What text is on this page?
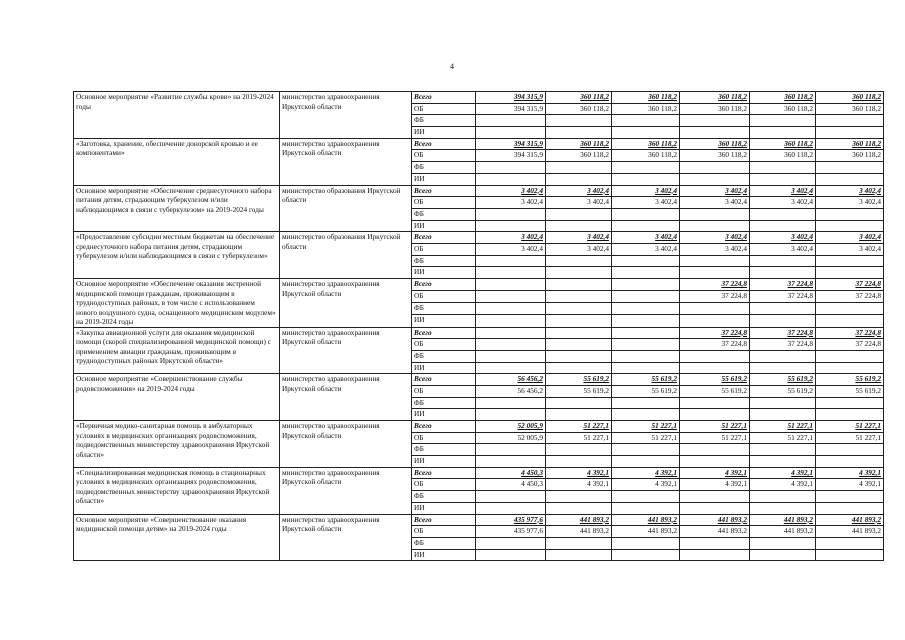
4
Основное мероприятие «Развитие службы крови» на 2019-2024 годы	министерство здравоохранения Иркутской области	Всего	394 315,9	360 118,2	360 118,2	360 118,2	360 118,2	360 118,2
		ОБ	394 315,9	360 118,2	360 118,2	360 118,2	360 118,2	360 118,2
		ФБ						
		ИИ						
«Заготовка, хранение, обеспечение донорской кровью и ее компонентами»	министерство здравоохранения Иркутской области	Всего	394 315,9	360 118,2	360 118,2	360 118,2	360 118,2	360 118,2
		ОБ	394 315,9	360 118,2	360 118,2	360 118,2	360 118,2	360 118,2
		ФБ						
		ИИ						
Основное мероприятие «Обеспечение среднесуточного набора питания детям, страдающим туберкулезом и/или наблюдающимся в связи с туберкулезом» на 2019-2024 годы	министерство образования Иркутской области	Всего	3 402,4	3 402,4	3 402,4	3 402,4	3 402,4	3 402,4
		ОБ	3 402,4	3 402,4	3 402,4	3 402,4	3 402,4	3 402,4
		ФБ						
		ИИ						
«Предоставление субсидии местным бюджетам на обеспечение среднесуточного набора питания детям, страдающим туберкулезом и/или наблюдающимся в связи с туберкулезом»	министерство образования Иркутской области	Всего	3 402,4	3 402,4	3 402,4	3 402,4	3 402,4	3 402,4
		ОБ	3 402,4	3 402,4	3 402,4	3 402,4	3 402,4	3 402,4
		ФБ						
		ИИ						
Основное мероприятие «Обеспечение оказания экстренной медицинской помощи гражданам, проживающим в труднодоступных районах, в том числе с использованием нового воздушного судна, оснащенного медицинским модулем» на 2019-2024 годы	министерство здравоохранения Иркутской области	Всего				37 224,8	37 224,8	37 224,8
		ОБ				37 224,8	37 224,8	37 224,8
		ФБ						
		ИИ						
«Закупка авиационной услуги для оказания медицинской помощи (скорой специализированной медицинской помощи) с применением авиации гражданам, проживающим в труднодоступных районах Иркутской области»	министерство здравоохранения Иркутской области	Всего				37 224,8	37 224,8	37 224,8
		ОБ				37 224,8	37 224,8	37 224,8
		ФБ						
		ИИ						
Основное мероприятие «Совершенствование службы родовспоможения» на 2019-2024 годы	министерство здравоохранения Иркутской области	Всего	56 456,2	55 619,2	55 619,2	55 619,2	55 619,2	55 619,2
		ОБ	56 456,2	55 619,2	55 619,2	55 619,2	55 619,2	55 619,2
		ФБ						
		ИИ						
«Первичная медико-санитарная помощь в амбулаторных условиях в медицинских организациях родовспоможения, подведомственных министерству здравоохранения Иркутской области»	министерство здравоохранения Иркутской области	Всего	52 005,9	51 227,1	51 227,1	51 227,1	51 227,1	51 227,1
		ОБ	52 005,9	51 227,1	51 227,1	51 227,1	51 227,1	51 227,1
		ФБ						
		ИИ						
«Специализированная медицинская помощь в стационарных условиях в медицинских организациях родовспоможения, подведомственных министерству здравоохранения Иркутской области»	министерство здравоохранения Иркутской области	Всего	4 450,3	4 392,1	4 392,1	4 392,1	4 392,1	4 392,1
		ОБ	4 450,3	4 392,1	4 392,1	4 392,1	4 392,1	4 392,1
		ФБ						
		ИИ						
Основное мероприятие «Совершенствование оказания медицинской помощи детям» на 2019-2024 годы	министерство здравоохранения Иркутской области	Всего	435 977,6	441 893,2	441 893,2	441 893,2	441 893,2	441 893,2
		ОБ	435 977,6	441 893,2	441 893,2	441 893,2	441 893,2	441 893,2
		ФБ						
		ИИ						
